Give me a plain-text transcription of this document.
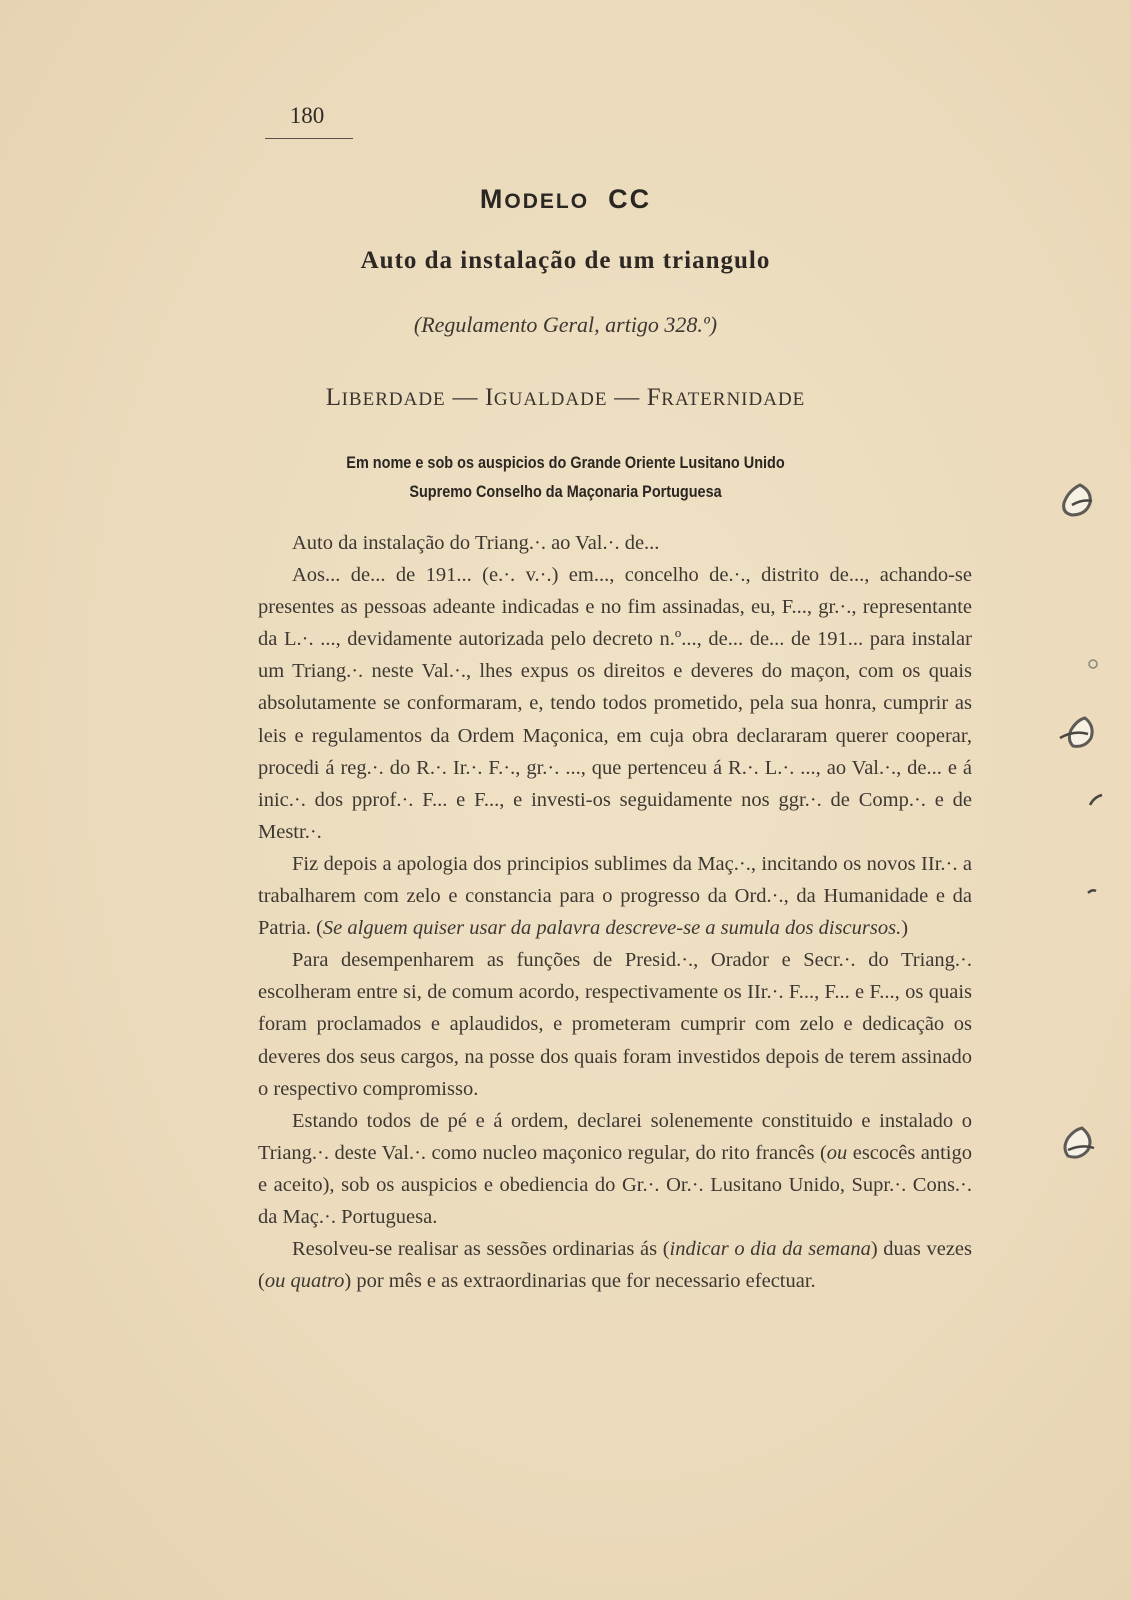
180
MODELO CC
Auto da instalação de um triangulo
(Regulamento Geral, artigo 328.º)
LIBERDADE — IGUALDADE — FRATERNIDADE
Em nome e sob os auspicios do Grande Oriente Lusitano Unido
Supremo Conselho da Maçonaria Portuguesa

Auto da instalação do Triang.·. ao Val.·. de...

Aos... de... de 191... (e.·. v.·.) em..., concelho de.·., distrito de..., achando-se presentes as pessoas adeante indicadas e no fim assinadas, eu, F..., gr.·., representante da L.·. ..., devidamente autorizada pelo decreto n.º..., de... de... de 191... para instalar um Triang.·. neste Val.·., lhes expus os direitos e deveres do maçon, com os quais absolutamente se conformaram, e, tendo todos prometido, pela sua honra, cumprir as leis e regulamentos da Ordem Maçonica, em cuja obra declararam querer cooperar, procedi á reg.·. do R.·. Ir.·. F.·., gr.·. ..., que pertenceu á R.·. L.·. ..., ao Val.·., de... e á inic.·. dos pprof.·. F... e F..., e investi-os seguidamente nos ggr.·. de Comp.·. e de Mestr.·.

Fiz depois a apologia dos principios sublimes da Maç.·., incitando os novos IIr.·. a trabalharem com zelo e constancia para o progresso da Ord.·., da Humanidade e da Patria. (Se alguem quiser usar da palavra descreve-se a sumula dos discursos.)

Para desempenharem as funções de Presid.·., Orador e Secr.·. do Triang.·. escolheram entre si, de comum acordo, respectivamente os IIr.·. F..., F... e F..., os quais foram proclamados e aplaudidos, e prometeram cumprir com zelo e dedicação os deveres dos seus cargos, na posse dos quais foram investidos depois de terem assinado o respectivo compromisso.

Estando todos de pé e á ordem, declarei solenemente constituido e instalado o Triang.·. deste Val.·. como nucleo maçonico regular, do rito francês (ou escocês antigo e aceito), sob os auspicios e obediencia do Gr.·. Or.·. Lusitano Unido, Supr.·. Cons.·. da Maç.·. Portuguesa.

Resolveu-se realisar as sessões ordinarias ás (indicar o dia da semana) duas vezes (ou quatro) por mês e as extraordinarias que for necessario efectuar.
